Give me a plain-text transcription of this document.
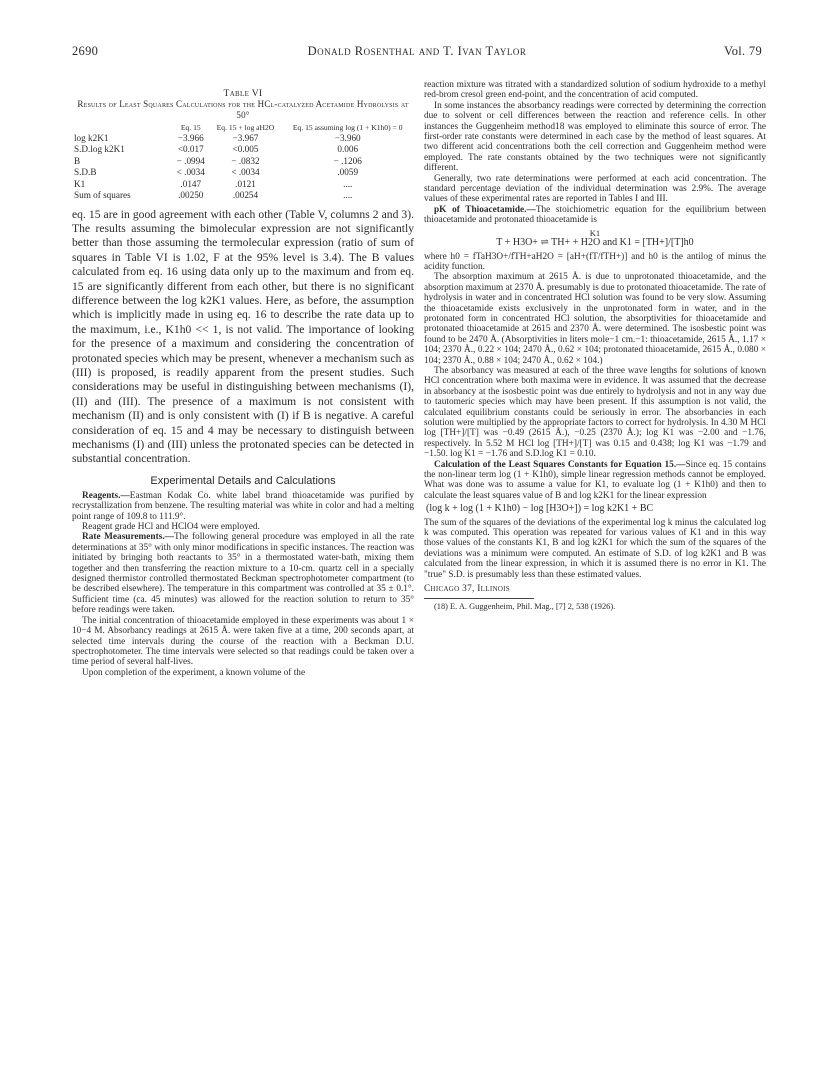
2690	Donald Rosenthal and T. Ivan Taylor	Vol. 79
Table VI
Results of Least Squares Calculations for the HCl-catalyzed Acetamide Hydrolysis at 50°
	Eq. 15	Eq. 15 + log aH2O	Eq. 15 assuming log (1 + K1h0) = 0
log k2K1	−3.966	−3.967	−3.960
S.D.log k2K1	<0.017	<0.005	0.006
B	− .0994	− .0832	− .1206
S.D.B	< .0034	< .0034	.0059
K1	.0147	.0121	....
Sum of squares	.00250	.00254	....

eq. 15 are in good agreement with each other (Table V, columns 2 and 3). The results assuming the bimolecular expression are not significantly better than those assuming the termolecular expression (ratio of sum of squares in Table VI is 1.02, F at the 95% level is 3.4). The B values calculated from eq. 16 using data only up to the maximum and from eq. 15 are significantly different from each other, but there is no significant difference between the log k2K1 values. Here, as before, the assumption which is implicitly made in using eq. 16 to describe the rate data up to the maximum, i.e., K1h0 << 1, is not valid. The importance of looking for the presence of a maximum and considering the concentration of protonated species which may be present, whenever a mechanism such as (III) is proposed, is readily apparent from the present studies. Such considerations may be useful in distinguishing between mechanisms (I), (II) and (III). The presence of a maximum is not consistent with mechanism (II) and is only consistent with (I) if B is negative. A careful consideration of eq. 15 and 4 may be necessary to distinguish between mechanisms (I) and (III) unless the protonated species can be detected in substantial concentration.

Experimental Details and Calculations

Reagents.—Eastman Kodak Co. white label brand thioacetamide was purified by recrystallization from benzene. The resulting material was white in color and had a melting point range of 109.8 to 111.9°.

Reagent grade HCl and HClO4 were employed.

Rate Measurements.—The following general procedure was employed in all the rate determinations at 35° with only minor modifications in specific instances. The reaction was initiated by bringing both reactants to 35° in a thermostated water-bath, mixing them together and then transferring the reaction mixture to a 10-cm. quartz cell in a specially designed thermistor controlled thermostated Beckman spectrophotometer compartment (to be described elsewhere). The temperature in this compartment was controlled at 35 ± 0.1°. Sufficient time (ca. 45 minutes) was allowed for the reaction solution to return to 35° before readings were taken.

The initial concentration of thioacetamide employed in these experiments was about 1 × 10−4 M. Absorbancy readings at 2615 Å. were taken five at a time, 200 seconds apart, at selected time intervals during the course of the reaction with a Beckman D.U. spectrophotometer. The time intervals were selected so that readings could be taken over a time period of several half-lives.

Upon completion of the experiment, a known volume of the

reaction mixture was titrated with a standardized solution of sodium hydroxide to a methyl red-brom cresol green end-point, and the concentration of acid computed.

In some instances the absorbancy readings were corrected by determining the correction due to solvent or cell differences between the reaction and reference cells. In other instances the Guggenheim method18 was employed to eliminate this source of error. The first-order rate constants were determined in each case by the method of least squares. At two different acid concentrations both the cell correction and Guggenheim method were employed. The rate constants obtained by the two techniques were not significantly different.

Generally, two rate determinations were performed at each acid concentration. The standard percentage deviation of the individual determination was 2.9%. The average values of these experimental rates are reported in Tables I and III.

pK of Thioacetamide.—The stoichiometric equation for the equilibrium between thioacetamide and protonated thioacetamide is

K1
T + H3O+ ⇌ TH+ + H2O and K1 = [TH+]/[T]h0

where h0 = fTaH3O+/fTH+aH2O = [aH+(fT/fTH+)] and h0 is the antilog of minus the acidity function.

The absorption maximum at 2615 Å. is due to unprotonated thioacetamide, and the absorption maximum at 2370 Å. presumably is due to protonated thioacetamide. The rate of hydrolysis in water and in concentrated HCl solution was found to be very slow. Assuming the thioacetamide exists exclusively in the unprotonated form in water, and in the protonated form in concentrated HCl solution, the absorptivities for thioacetamide and protonated thioacetamide at 2615 and 2370 Å. were determined. The isosbestic point was found to be 2470 Å. (Absorptivities in liters mole−1 cm.−1: thioacetamide, 2615 Å., 1.17 × 104; 2370 Å., 0.22 × 104; 2470 Å., 0.62 × 104; protonated thioacetamide, 2615 Å., 0.080 × 104; 2370 Å., 0.88 × 104; 2470 Å., 0.62 × 104.)

The absorbancy was measured at each of the three wave lengths for solutions of known HCl concentration where both maxima were in evidence. It was assumed that the decrease in absorbancy at the isosbestic point was due entirely to hydrolysis and not in any way due to tautomeric species which may have been present. If this assumption is not valid, the calculated equilibrium constants could be seriously in error. The absorbancies in each solution were multiplied by the appropriate factors to correct for hydrolysis. In 4.30 M HCl log [TH+]/[T] was −0.49 (2615 Å.), −0.25 (2370 Å.); log K1 was −2.00 and −1.76, respectively. In 5.52 M HCl log [TH+]/[T] was 0.15 and 0.438; log K1 was −1.79 and −1.50. log K1 = −1.76 and S.D.log K1 = 0.10.

Calculation of the Least Squares Constants for Equation 15.—Since eq. 15 contains the non-linear term log (1 + K1h0), simple linear regression methods cannot be employed. What was done was to assume a value for K1, to evaluate log (1 + K1h0) and then to calculate the least squares value of B and log k2K1 for the linear expression

(log k + log (1 + K1h0) − log [H3O+]) = log k2K1 + BC

The sum of the squares of the deviations of the experimental log k minus the calculated log k was computed. This operation was repeated for various values of K1 and in this way those values of the constants K1, B and log k2K1 for which the sum of the squares of the deviations was a minimum were computed. An estimate of S.D. of log k2K1 and B was calculated from the linear expression, in which it is assumed there is no error in K1. The "true" S.D. is presumably less than these estimated values.

Chicago 37, Illinois
(18) E. A. Guggenheim, Phil. Mag., [7] 2, 538 (1926).
